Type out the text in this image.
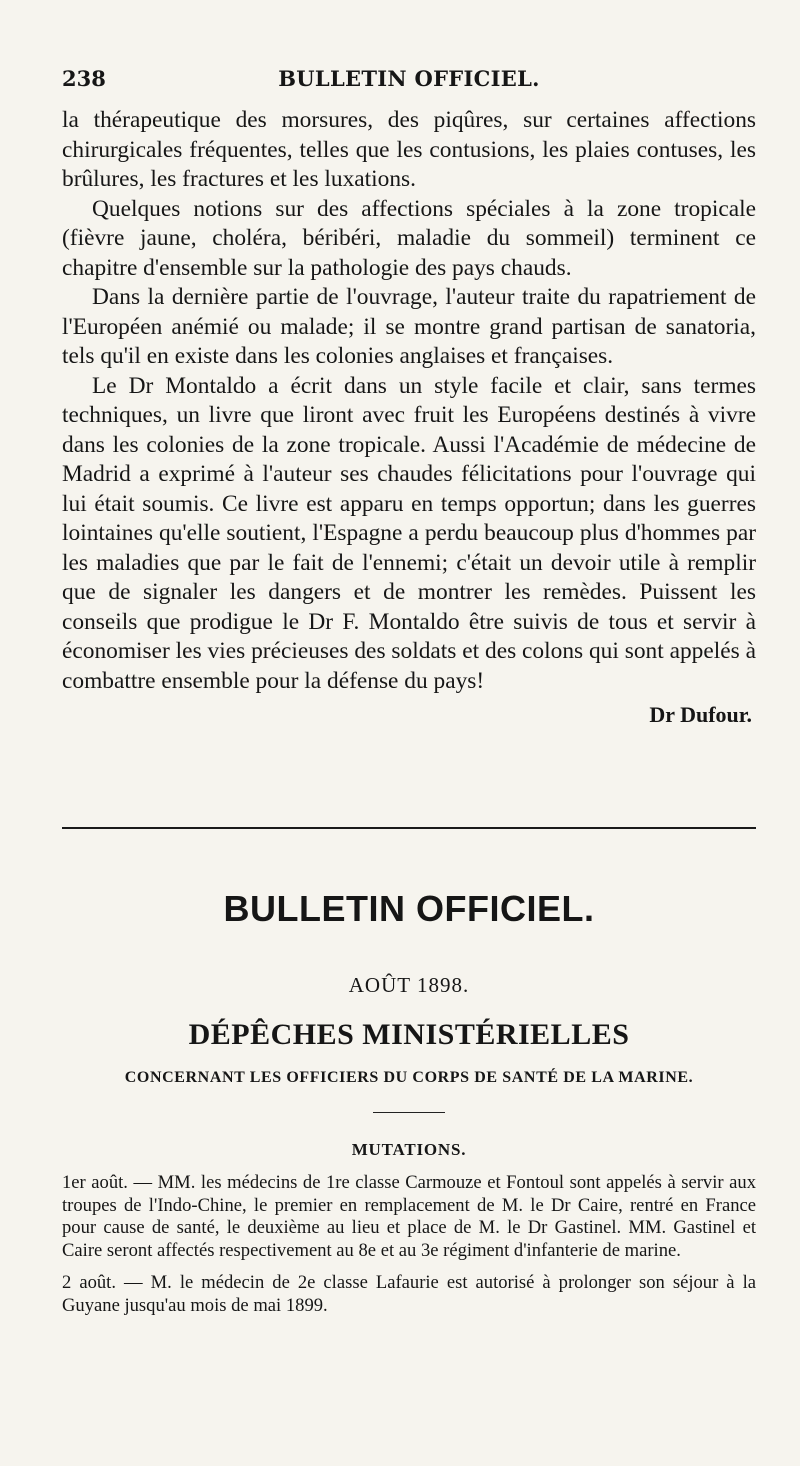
238	BULLETIN OFFICIEL.

la thérapeutique des morsures, des piqûres, sur certaines affections chirurgicales fréquentes, telles que les contusions, les plaies contuses, les brûlures, les fractures et les luxations.

Quelques notions sur des affections spéciales à la zone tropicale (fièvre jaune, choléra, béribéri, maladie du sommeil) terminent ce chapitre d'ensemble sur la pathologie des pays chauds.

Dans la dernière partie de l'ouvrage, l'auteur traite du rapatriement de l'Européen anémié ou malade; il se montre grand partisan de sanatoria, tels qu'il en existe dans les colonies anglaises et françaises.

Le Dr Montaldo a écrit dans un style facile et clair, sans termes techniques, un livre que liront avec fruit les Européens destinés à vivre dans les colonies de la zone tropicale. Aussi l'Académie de médecine de Madrid a exprimé à l'auteur ses chaudes félicitations pour l'ouvrage qui lui était soumis. Ce livre est apparu en temps opportun; dans les guerres lointaines qu'elle soutient, l'Espagne a perdu beaucoup plus d'hommes par les maladies que par le fait de l'ennemi; c'était un devoir utile à remplir que de signaler les dangers et de montrer les remèdes. Puissent les conseils que prodigue le Dr F. Montaldo être suivis de tous et servir à économiser les vies précieuses des soldats et des colons qui sont appelés à combattre ensemble pour la défense du pays!

Dr Dufour.
BULLETIN OFFICIEL.
AOÛT 1898.
DÉPÊCHES MINISTÉRIELLES
CONCERNANT LES OFFICIERS DU CORPS DE SANTÉ DE LA MARINE.
MUTATIONS.

1er août. — MM. les médecins de 1re classe Carmouze et Fontoul sont appelés à servir aux troupes de l'Indo-Chine, le premier en remplacement de M. le Dr Caire, rentré en France pour cause de santé, le deuxième au lieu et place de M. le Dr Gastinel. MM. Gastinel et Caire seront affectés respectivement au 8e et au 3e régiment d'infanterie de marine.

2 août. — M. le médecin de 2e classe Lafaurie est autorisé à prolonger son séjour à la Guyane jusqu'au mois de mai 1899.
